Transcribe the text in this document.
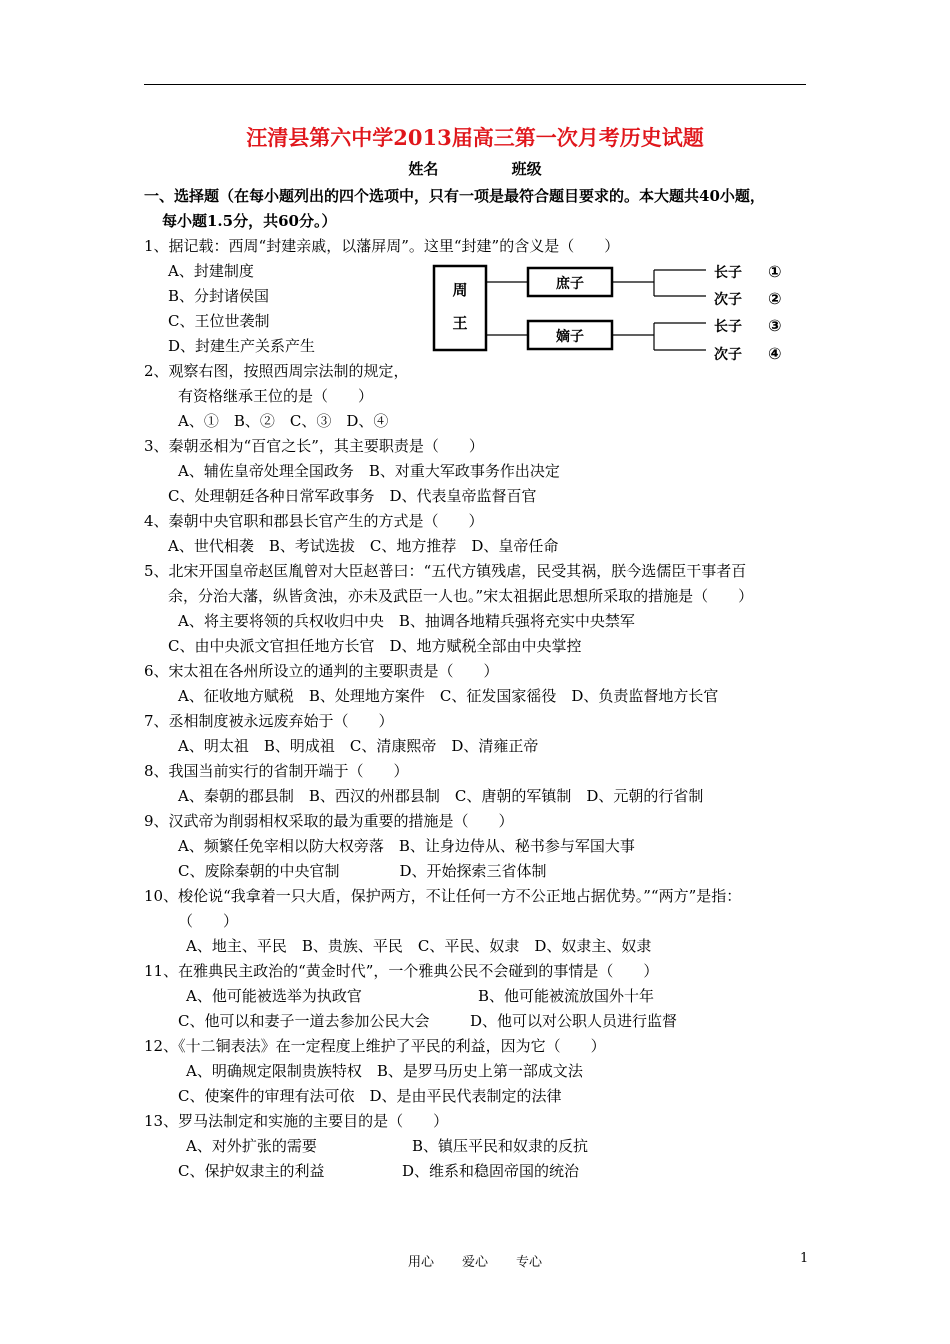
汪清县第六中学2013届高三第一次月考历史试题
姓名	班级
一、选择题（在每小题列出的四个选项中，只有一项是最符合题目要求的。本大题共40小题，
每小题1.5分，共60分。）
1、据记载：西周“封建亲戚，以藩屏周”。这里“封建”的含义是（　　）
A、封建制度
B、分封诸侯国
C、王位世袭制
D、封建生产关系产生
周
王
庶子
嫡子
长子 ①
次子 ②
长子 ③
次子 ④
2、观察右图，按照西周宗法制的规定，
有资格继承王位的是（　　）
A、①　B、②　C、③　D、④
3、秦朝丞相为“百官之长”，其主要职责是（　　）
A、辅佐皇帝处理全国政务　B、对重大军政事务作出决定
C、处理朝廷各种日常军政事务　D、代表皇帝监督百官
4、秦朝中央官职和郡县长官产生的方式是（　　）
A、世代相袭　B、考试选拔　C、地方推荐　D、皇帝任命
5、北宋开国皇帝赵匡胤曾对大臣赵普曰：“五代方镇残虐，民受其祸，朕今选儒臣干事者百
余，分治大藩，纵皆贪浊，亦未及武臣一人也。”宋太祖据此思想所采取的措施是（　　）
A、将主要将领的兵权收归中央　B、抽调各地精兵强将充实中央禁军
C、由中央派文官担任地方长官　D、地方赋税全部由中央掌控
6、宋太祖在各州所设立的通判的主要职责是（　　）
A、征收地方赋税　B、处理地方案件　C、征发国家徭役　D、负责监督地方长官
7、丞相制度被永远废弃始于（　　）
A、明太祖　B、明成祖　C、清康熙帝　D、清雍正帝
8、我国当前实行的省制开端于（　　）
A、秦朝的郡县制　B、西汉的州郡县制　C、唐朝的军镇制　D、元朝的行省制
9、汉武帝为削弱相权采取的最为重要的措施是（　　）
A、频繁任免宰相以防大权旁落　B、让身边侍从、秘书参与军国大事
C、废除秦朝的中央官制　　　　D、开始探索三省体制
10、梭伦说“我拿着一只大盾，保护两方，不让任何一方不公正地占据优势。”“两方”是指：
（　　）
A、地主、平民　B、贵族、平民　C、平民、奴隶　D、奴隶主、奴隶
11、在雅典民主政治的“黄金时代”，一个雅典公民不会碰到的事情是（　　）
A、他可能被选举为执政官	B、他可能被流放国外十年
C、他可以和妻子一道去参加公民大会	D、他可以对公职人员进行监督
12、《十二铜表法》在一定程度上维护了平民的利益，因为它（　　）
A、明确规定限制贵族特权　B、是罗马历史上第一部成文法
C、使案件的审理有法可依　D、是由平民代表制定的法律
13、罗马法制定和实施的主要目的是（　　）
A、对外扩张的需要	B、镇压平民和奴隶的反抗
C、保护奴隶主的利益	D、维系和稳固帝国的统治
用心 爱心 专心	1
